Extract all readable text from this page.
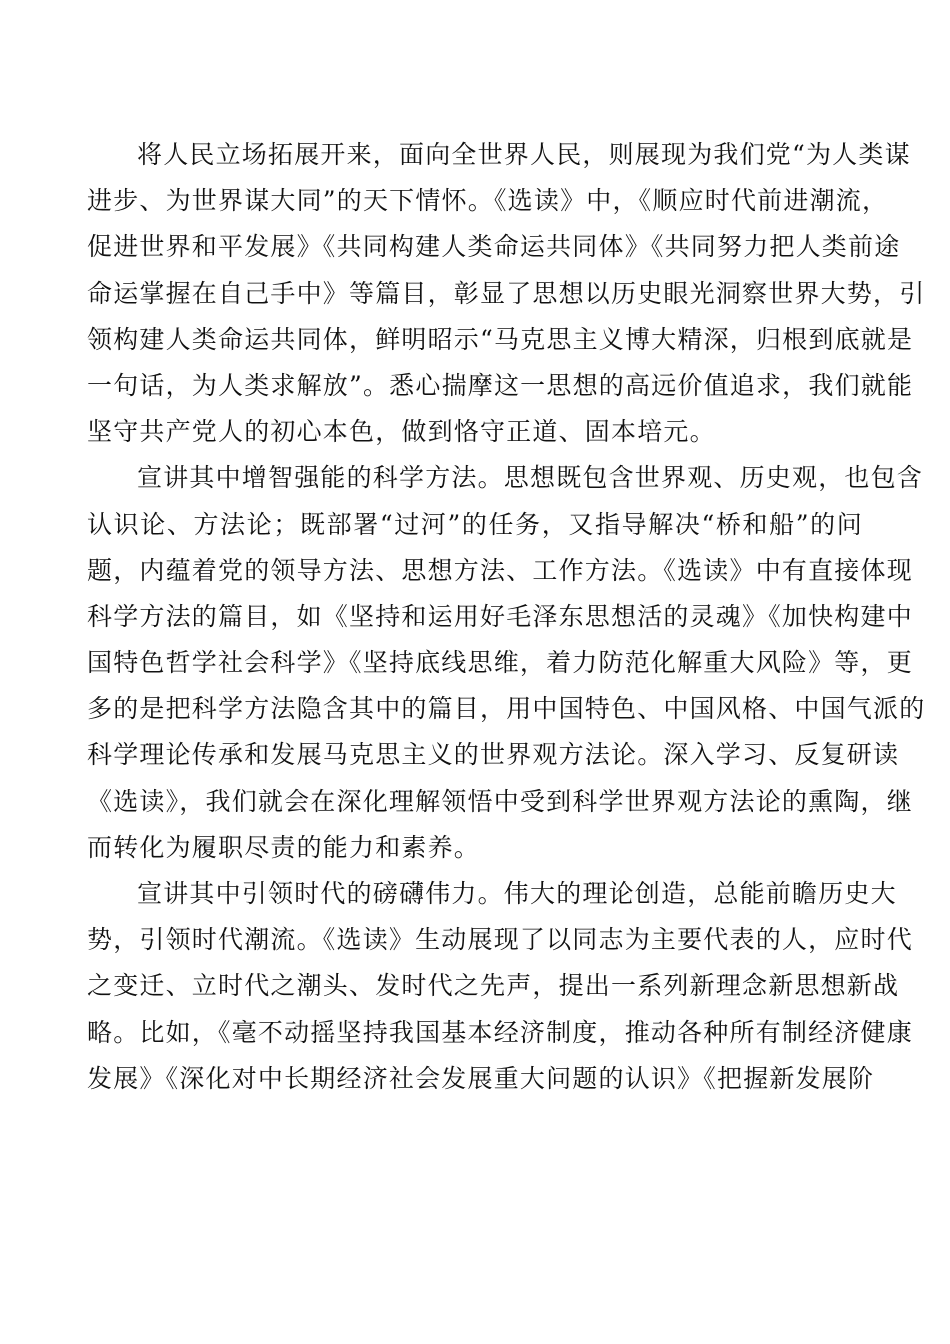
将人民立场拓展开来，面向全世界人民，则展现为我们党“为人类谋
进步、为世界谋大同”的天下情怀。《选读》中，《顺应时代前进潮流，
促进世界和平发展》《共同构建人类命运共同体》《共同努力把人类前途
命运掌握在自己手中》等篇目，彰显了思想以历史眼光洞察世界大势，引
领构建人类命运共同体，鲜明昭示“马克思主义博大精深，归根到底就是
一句话，为人类求解放”。悉心揣摩这一思想的高远价值追求，我们就能
坚守共产党人的初心本色，做到恪守正道、固本培元。
宣讲其中增智强能的科学方法。思想既包含世界观、历史观，也包含
认识论、方法论；既部署“过河”的任务，又指导解决“桥和船”的问
题，内蕴着党的领导方法、思想方法、工作方法。《选读》中有直接体现
科学方法的篇目，如《坚持和运用好毛泽东思想活的灵魂》《加快构建中
国特色哲学社会科学》《坚持底线思维，着力防范化解重大风险》等，更
多的是把科学方法隐含其中的篇目，用中国特色、中国风格、中国气派的
科学理论传承和发展马克思主义的世界观方法论。深入学习、反复研读
《选读》，我们就会在深化理解领悟中受到科学世界观方法论的熏陶，继
而转化为履职尽责的能力和素养。
宣讲其中引领时代的磅礴伟力。伟大的理论创造，总能前瞻历史大
势，引领时代潮流。《选读》生动展现了以同志为主要代表的人，应时代
之变迁、立时代之潮头、发时代之先声，提出一系列新理念新思想新战
略。比如，《毫不动摇坚持我国基本经济制度，推动各种所有制经济健康
发展》《深化对中长期经济社会发展重大问题的认识》《把握新发展阶
